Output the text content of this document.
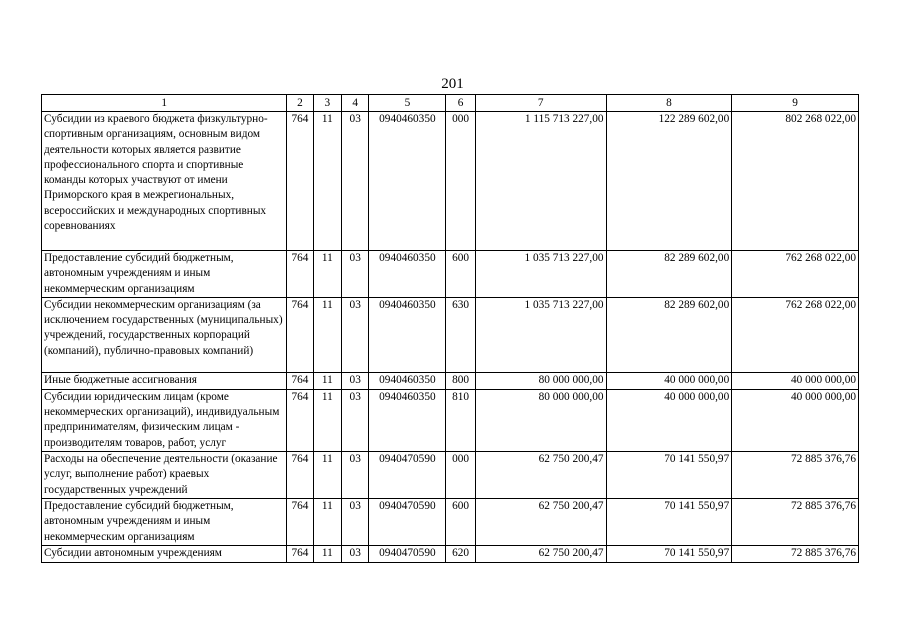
201
1	2	3	4	5	6	7	8	9
Субсидии из краевого бюджета физкультурно-спортивным организациям, основным видом деятельности которых является развитие профессионального спорта и спортивные команды которых участвуют от имени Приморского края в межрегиональных, всероссийских и международных спортивных соревнованиях	764	11	03	0940460350	000	1 115 713 227,00	122 289 602,00	802 268 022,00
Предоставление субсидий бюджетным, автономным учреждениям и иным некоммерческим организациям	764	11	03	0940460350	600	1 035 713 227,00	82 289 602,00	762 268 022,00
Субсидии некоммерческим организациям (за исключением государственных (муниципальных) учреждений, государственных корпораций (компаний), публично-правовых компаний)	764	11	03	0940460350	630	1 035 713 227,00	82 289 602,00	762 268 022,00
Иные бюджетные ассигнования	764	11	03	0940460350	800	80 000 000,00	40 000 000,00	40 000 000,00
Субсидии юридическим лицам (кроме некоммерческих организаций), индивидуальным предпринимателям, физическим лицам - производителям товаров, работ, услуг	764	11	03	0940460350	810	80 000 000,00	40 000 000,00	40 000 000,00
Расходы на обеспечение деятельности (оказание услуг, выполнение работ) краевых государственных учреждений	764	11	03	0940470590	000	62 750 200,47	70 141 550,97	72 885 376,76
Предоставление субсидий бюджетным, автономным учреждениям и иным некоммерческим организациям	764	11	03	0940470590	600	62 750 200,47	70 141 550,97	72 885 376,76
Субсидии автономным учреждениям	764	11	03	0940470590	620	62 750 200,47	70 141 550,97	72 885 376,76
